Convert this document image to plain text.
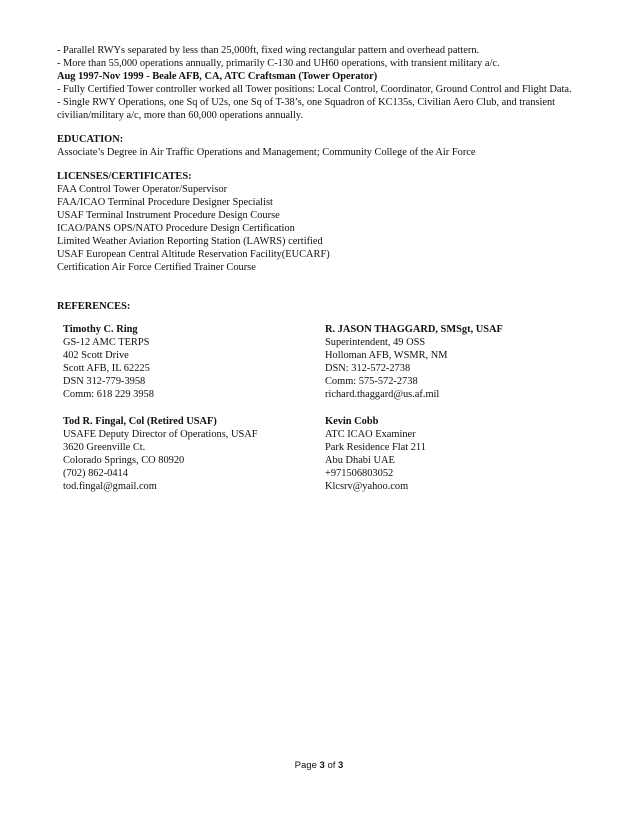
- Parallel RWYs separated by less than 25,000ft, fixed wing rectangular pattern and overhead pattern.
- More than 55,000 operations annually, primarily C-130 and UH60 operations, with transient military a/c.
Aug 1997-Nov 1999 - Beale AFB, CA, ATC Craftsman (Tower Operator)
- Fully Certified Tower controller worked all Tower positions: Local Control, Coordinator, Ground Control and Flight Data.
- Single RWY Operations, one Sq of U2s, one Sq of T-38’s, one Squadron of KC135s, Civilian Aero Club, and transient civilian/military a/c, more than 60,000 operations annually.
EDUCATION:
Associate’s Degree in Air Traffic Operations and Management; Community College of the Air Force
LICENSES/CERTIFICATES:
FAA Control Tower Operator/Supervisor
FAA/ICAO Terminal Procedure Designer Specialist
USAF Terminal Instrument Procedure Design Course
ICAO/PANS OPS/NATO Procedure Design Certification
Limited Weather Aviation Reporting Station (LAWRS) certified
USAF European Central Altitude Reservation Facility(EUCARF)
Certification Air Force Certified Trainer Course
REFERENCES:
Timothy C. Ring
GS-12 AMC TERPS
402 Scott Drive
Scott AFB, IL 62225
DSN 312-779-3958
Comm: 618 229 3958
R. JASON THAGGARD, SMSgt, USAF
Superintendent, 49 OSS
Holloman AFB, WSMR, NM
DSN: 312-572-2738
Comm: 575-572-2738
richard.thaggard@us.af.mil
Tod R. Fingal, Col (Retired USAF)
USAFE Deputy Director of Operations, USAF
3620 Greenville Ct.
Colorado Springs, CO 80920
(702) 862-0414
tod.fingal@gmail.com
Kevin Cobb
ATC ICAO Examiner
Park Residence Flat 211
Abu Dhabi UAE
+971506803052
Klcsrv@yahoo.com
Page 3 of 3
